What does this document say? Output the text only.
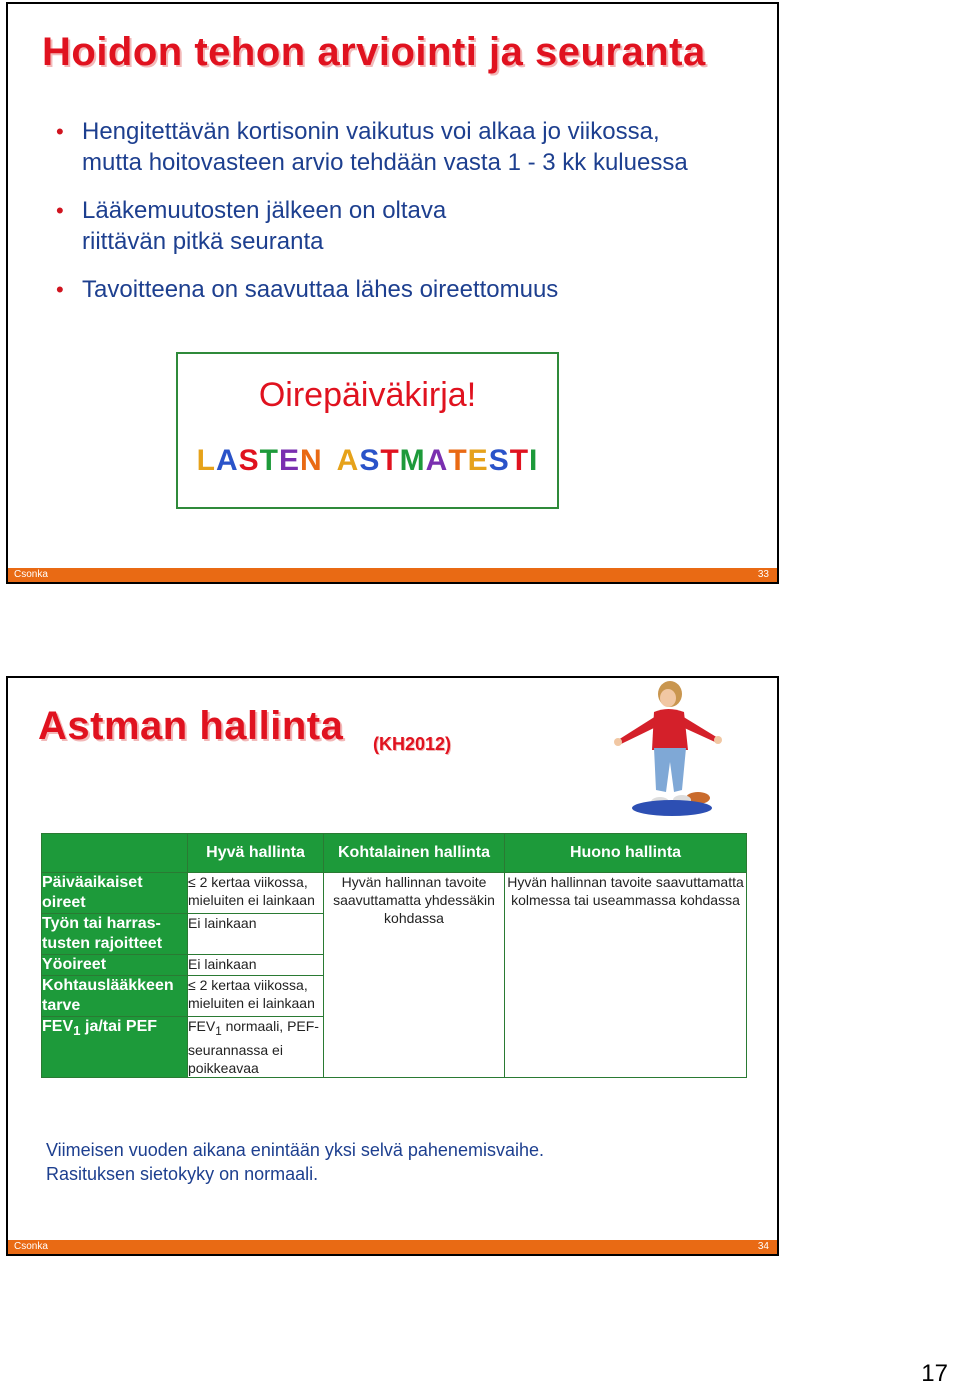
Hoidon tehon arviointi ja seuranta
• Hengitettävän kortisonin vaikutus voi alkaa jo viikossa,
mutta hoitovasteen arvio tehdään vasta 1 - 3 kk kuluessa
• Lääkemuutosten jälkeen on oltava
riittävän pitkä seuranta
• Tavoitteena on saavuttaa lähes oireettomuus
Oirepäiväkirja!
LASTEN ASTMATESTI
Csonka	33
Astman hallinta (KH2012)
	Hyvä hallinta	Kohtalainen hallinta	Huono hallinta
Päiväaikaiset oireet	≤ 2 kertaa viikossa, mieluiten ei lainkaan	Hyvän hallinnan tavoite saavuttamatta yhdessäkin kohdassa	Hyvän hallinnan tavoite saavuttamatta kolmessa tai useammassa kohdassa
Työn tai harras-tusten rajoitteet	Ei lainkaan		
Yöoireet	Ei lainkaan		
Kohtauslääkkeen tarve	≤ 2 kertaa viikossa, mieluiten ei lainkaan		
$FEV_1$ ja/tai PEF	$FEV_1$ normaali, PEF-seurannassa ei poikkeavaa		
Viimeisen vuoden aikana enintään yksi selvä pahenemisvaihe.
Rasituksen sietokyky on normaali.
Csonka	34
17
